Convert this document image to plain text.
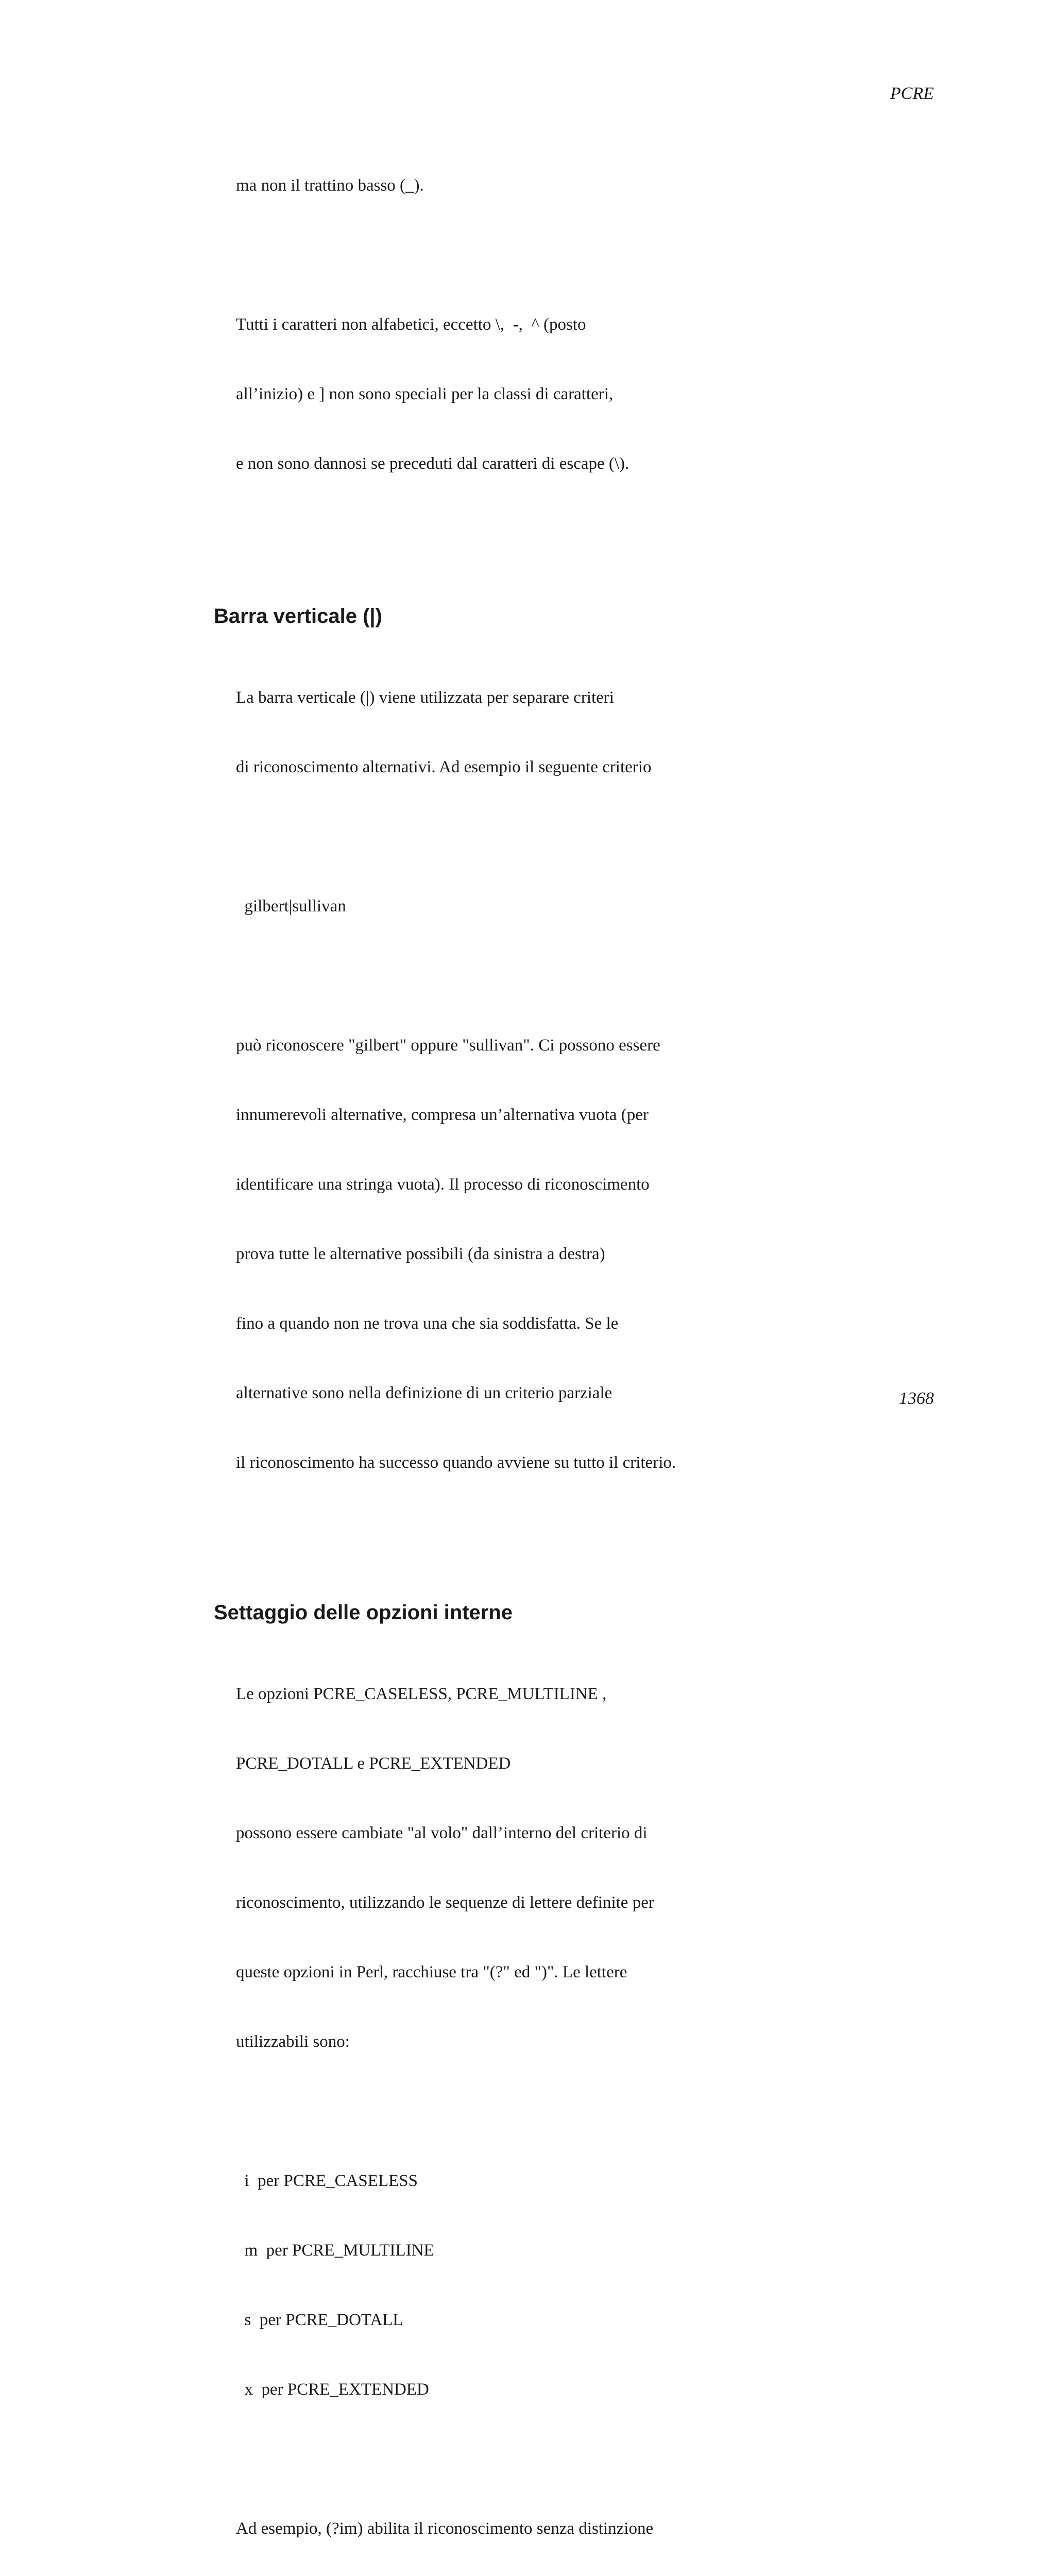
PCRE

ma non il trattino basso (_).

Tutti i caratteri non alfabetici, eccetto \,  -,  ^ (posto

all’inizio) e ] non sono speciali per la classi di caratteri,

e non sono dannosi se preceduti dal caratteri di escape (\).

Barra verticale (|)

La barra verticale (|) viene utilizzata per separare criteri

di riconoscimento alternativi. Ad esempio il seguente criterio

gilbert|sullivan

può riconoscere "gilbert" oppure "sullivan". Ci possono essere

innumerevoli alternative, compresa un’alternativa vuota (per

identificare una stringa vuota). Il processo di riconoscimento

prova tutte le alternative possibili (da sinistra a destra)

fino a quando non ne trova una che sia soddisfatta. Se le

alternative sono nella definizione di un criterio parziale

il riconoscimento ha successo quando avviene su tutto il criterio.

Settaggio delle opzioni interne

Le opzioni PCRE_CASELESS, PCRE_MULTILINE ,

PCRE_DOTALL e PCRE_EXTENDED

possono essere cambiate "al volo" dall’interno del criterio di

riconoscimento, utilizzando le sequenze di lettere definite per

queste opzioni in Perl, racchiuse tra "(?" ed ")". Le lettere

utilizzabili sono:

i  per PCRE_CASELESS

m  per PCRE_MULTILINE

s  per PCRE_DOTALL

x  per PCRE_EXTENDED

Ad esempio, (?im) abilita il riconoscimento senza distinzione

1368
